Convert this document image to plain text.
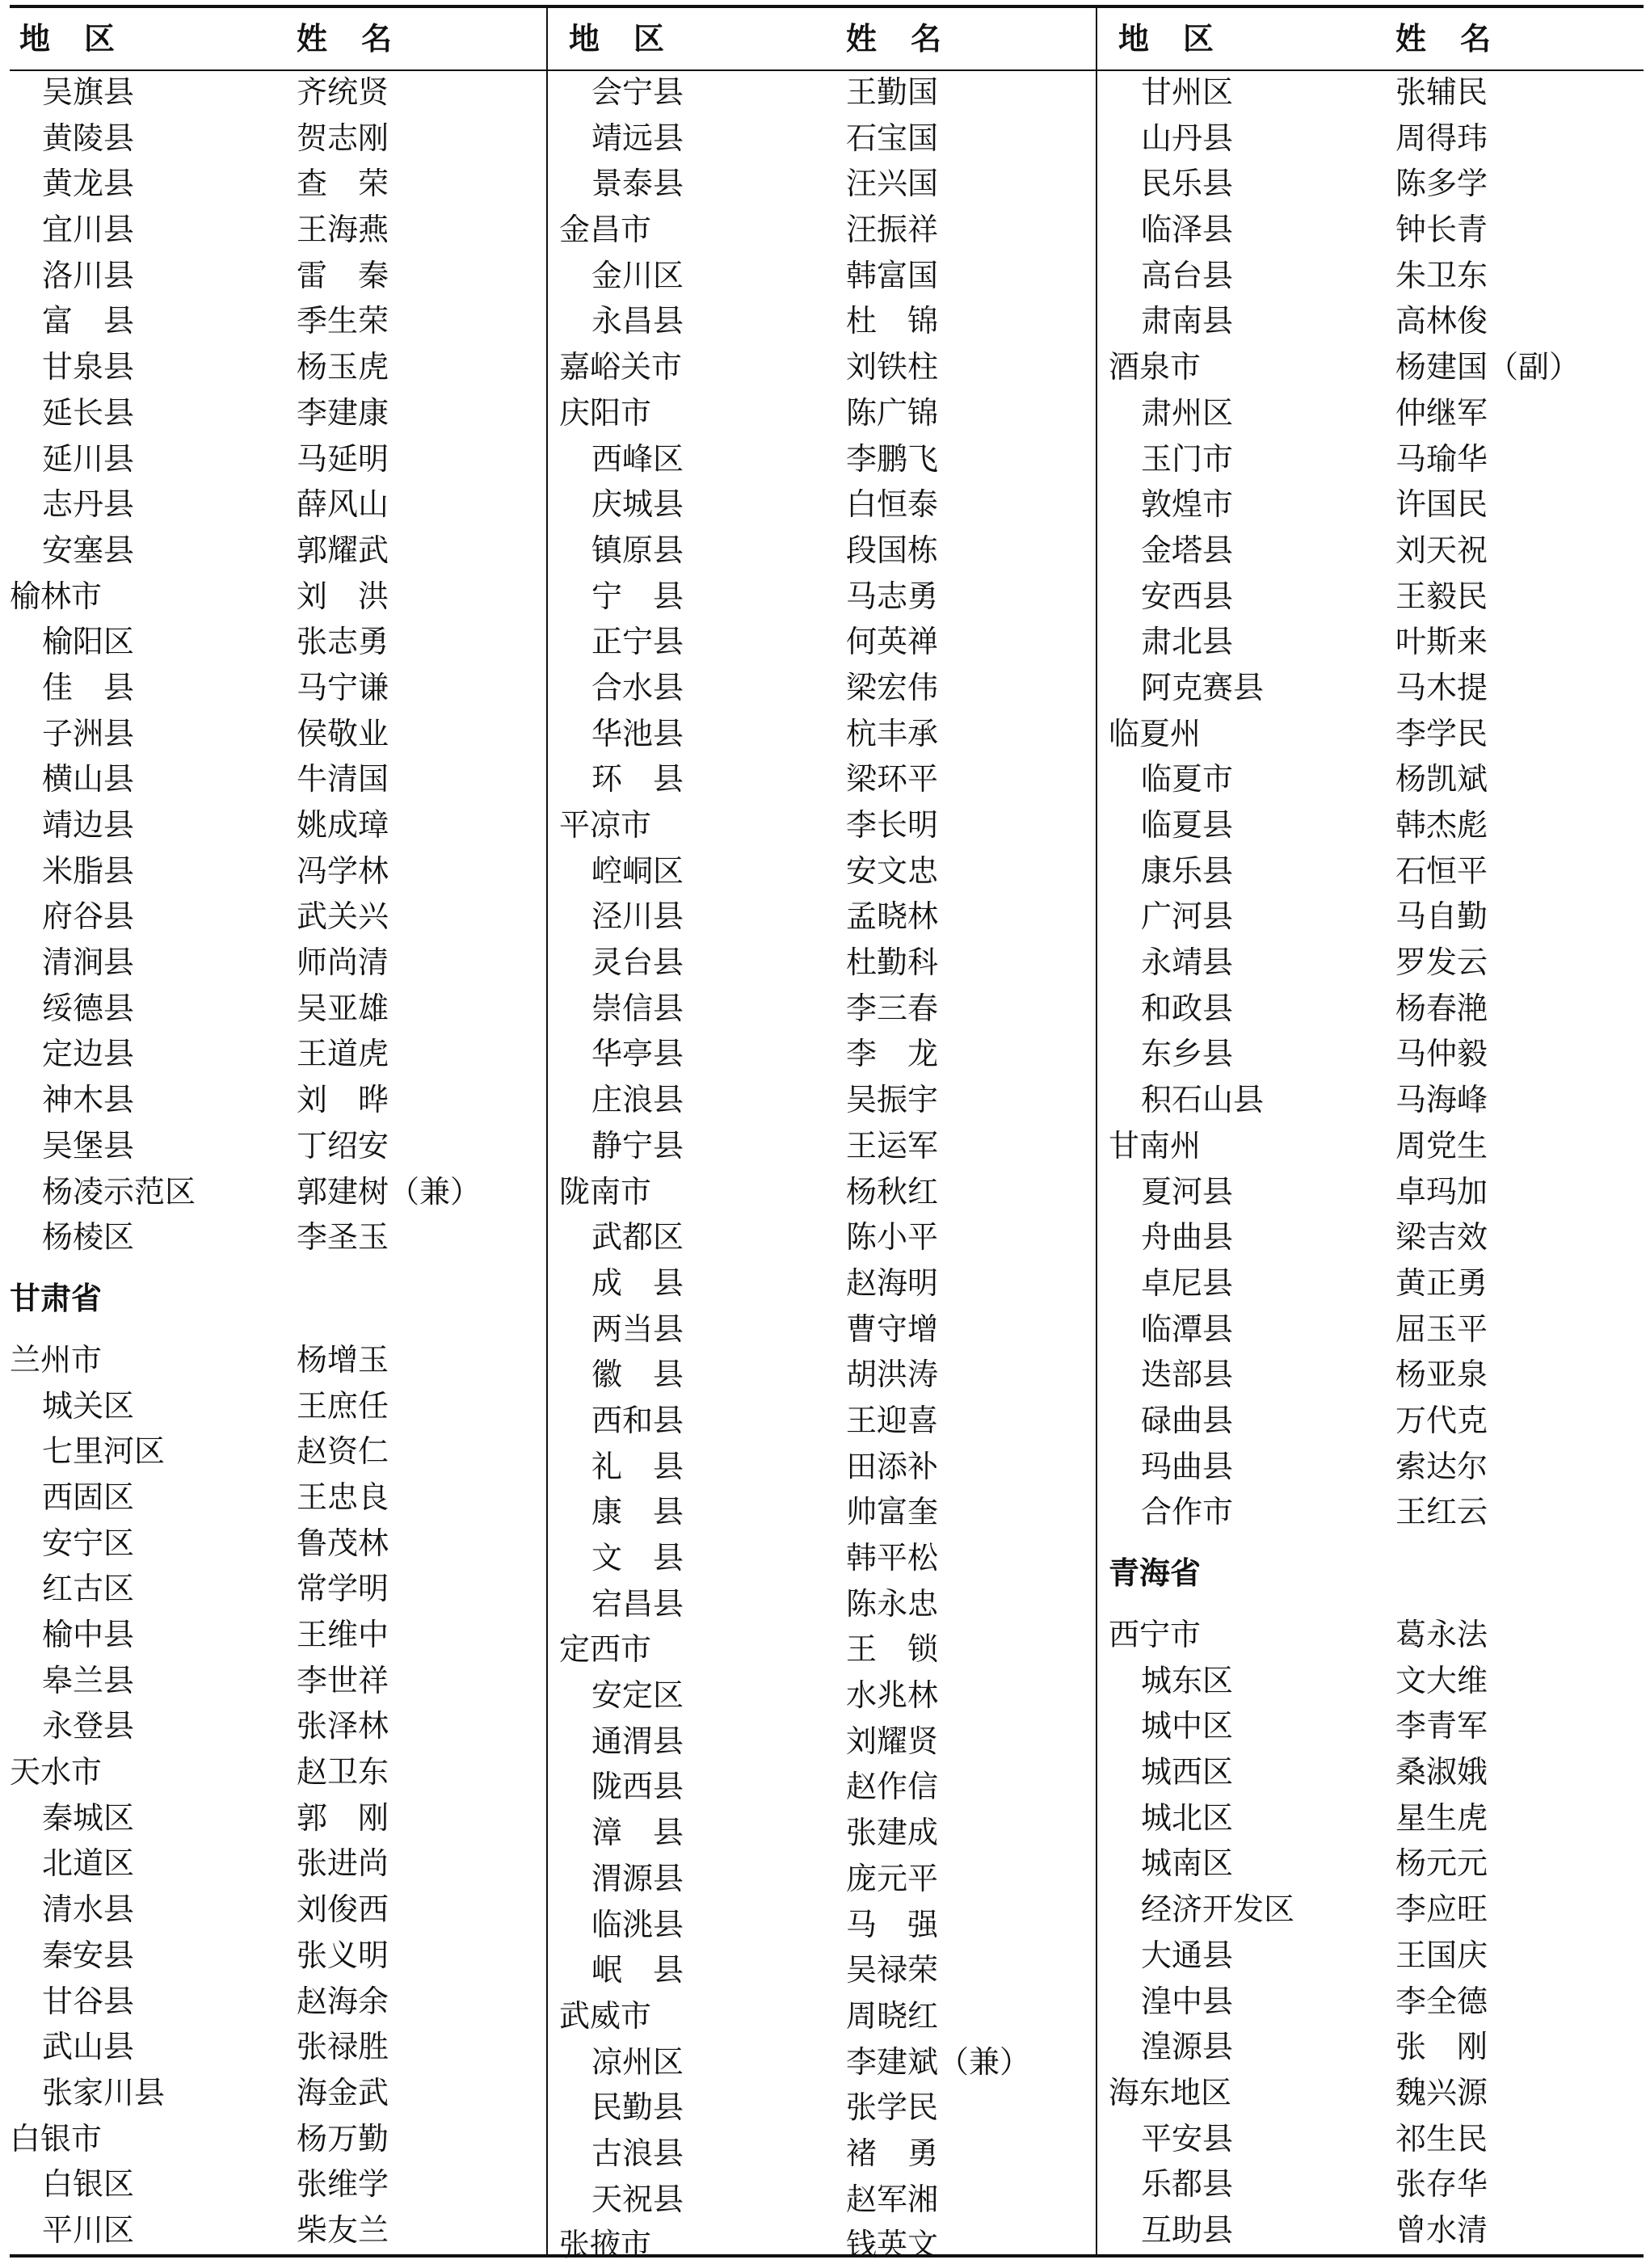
地　区	姓　名	地　区	姓　名	地　区	姓　名
吴旗县	齐统贤
黄陵县	贺志刚
黄龙县	查　荣
宜川县	王海燕
洛川县	雷　秦
富　县	季生荣
甘泉县	杨玉虎
延长县	李建康
延川县	马延明
志丹县	薛风山
安塞县	郭耀武
榆林市	刘　洪
榆阳区	张志勇
佳　县	马宁谦
子洲县	侯敬业
横山县	牛清国
靖边县	姚成璋
米脂县	冯学林
府谷县	武关兴
清涧县	师尚清
绥德县	吴亚雄
定边县	王道虎
神木县	刘　晔
吴堡县	丁绍安
杨凌示范区	郭建树（兼）
杨棱区	李圣玉
甘肃省
兰州市	杨增玉
城关区	王庶任
七里河区	赵资仁
西固区	王忠良
安宁区	鲁茂林
红古区	常学明
榆中县	王维中
皋兰县	李世祥
永登县	张泽林
天水市	赵卫东
秦城区	郭　刚
北道区	张进尚
清水县	刘俊西
秦安县	张义明
甘谷县	赵海余
武山县	张禄胜
张家川县	海金武
白银市	杨万勤
白银区	张维学
平川区	柴友兰
会宁县	王勤国
靖远县	石宝国
景泰县	汪兴国
金昌市	汪振祥
金川区	韩富国
永昌县	杜　锦
嘉峪关市	刘铁柱
庆阳市	陈广锦
西峰区	李鹏飞
庆城县	白恒泰
镇原县	段国栋
宁　县	马志勇
正宁县	何英禅
合水县	梁宏伟
华池县	杭丰承
环　县	梁环平
平凉市	李长明
崆峒区	安文忠
泾川县	孟晓林
灵台县	杜勤科
崇信县	李三春
华亭县	李　龙
庄浪县	吴振宇
静宁县	王运军
陇南市	杨秋红
武都区	陈小平
成　县	赵海明
两当县	曹守增
徽　县	胡洪涛
西和县	王迎喜
礼　县	田添补
康　县	帅富奎
文　县	韩平松
宕昌县	陈永忠
定西市	王　锁
安定区	水兆林
通渭县	刘耀贤
陇西县	赵作信
漳　县	张建成
渭源县	庞元平
临洮县	马　强
岷　县	吴禄荣
武威市	周晓红
凉州区	李建斌（兼）
民勤县	张学民
古浪县	褚　勇
天祝县	赵军湘
张掖市	钱英文
甘州区	张辅民
山丹县	周得玮
民乐县	陈多学
临泽县	钟长青
高台县	朱卫东
肃南县	高林俊
酒泉市	杨建国（副）
肃州区	仲继军
玉门市	马瑜华
敦煌市	许国民
金塔县	刘天祝
安西县	王毅民
肃北县	叶斯来
阿克赛县	马木提
临夏州	李学民
临夏市	杨凯斌
临夏县	韩杰彪
康乐县	石恒平
广河县	马自勤
永靖县	罗发云
和政县	杨春滟
东乡县	马仲毅
积石山县	马海峰
甘南州	周党生
夏河县	卓玛加
舟曲县	梁吉效
卓尼县	黄正勇
临潭县	屈玉平
迭部县	杨亚泉
碌曲县	万代克
玛曲县	索达尔
合作市	王红云
青海省
西宁市	葛永法
城东区	文大维
城中区	李青军
城西区	桑淑娥
城北区	星生虎
城南区	杨元元
经济开发区	李应旺
大通县	王国庆
湟中县	李全德
湟源县	张　刚
海东地区	魏兴源
平安县	祁生民
乐都县	张存华
互助县	曾水清
